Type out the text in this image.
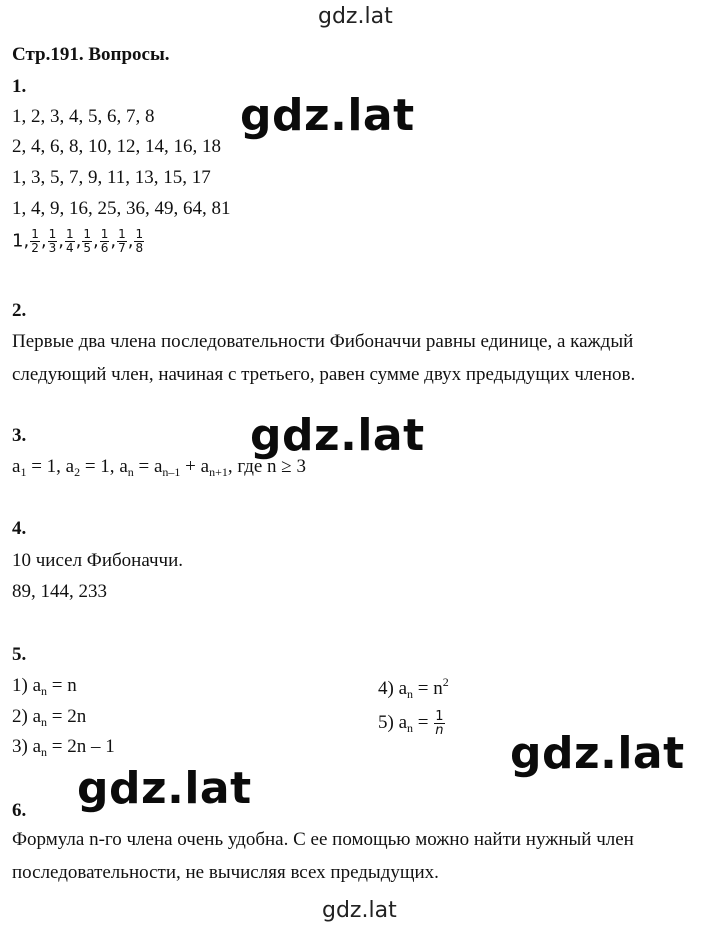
gdz.lat
gdz.lat
gdz.lat
gdz.lat
gdz.lat
gdz.lat
Стр.191. Вопросы.
1.
1, 2, 3, 4, 5, 6, 7, 8
2, 4, 6, 8, 10, 12, 14, 16, 18
1, 3, 5, 7, 9, 11, 13, 15, 17
1, 4, 9, 16, 25, 36, 49, 64, 81
1, $\frac{1}{2}$ , $\frac{1}{3}$ , $\frac{1}{4}$ , $\frac{1}{5}$ , $\frac{1}{6}$ , $\frac{1}{7}$ , $\frac{1}{8}$
2.
Первые два члена последовательности Фибоначчи равны единице, а каждый
следующий член, начиная с третьего, равен сумме двух предыдущих членов.
3.
$a_1 = 1$, $a_2 = 1$, $a_n = a_{n-1} + a_{n+1}$, где n ≥ 3
4.
10 чисел Фибоначчи.
89, 144, 233
5.
1) $a_n = n$
2) $a_n = 2n$
3) $a_n = 2n - 1$
4) $a_n = n^2$
5) $a_n = \frac{1}{n}$
6.
Формула n-го члена очень удобна. С ее помощью можно найти нужный член
последовательности, не вычисляя всех предыдущих.
